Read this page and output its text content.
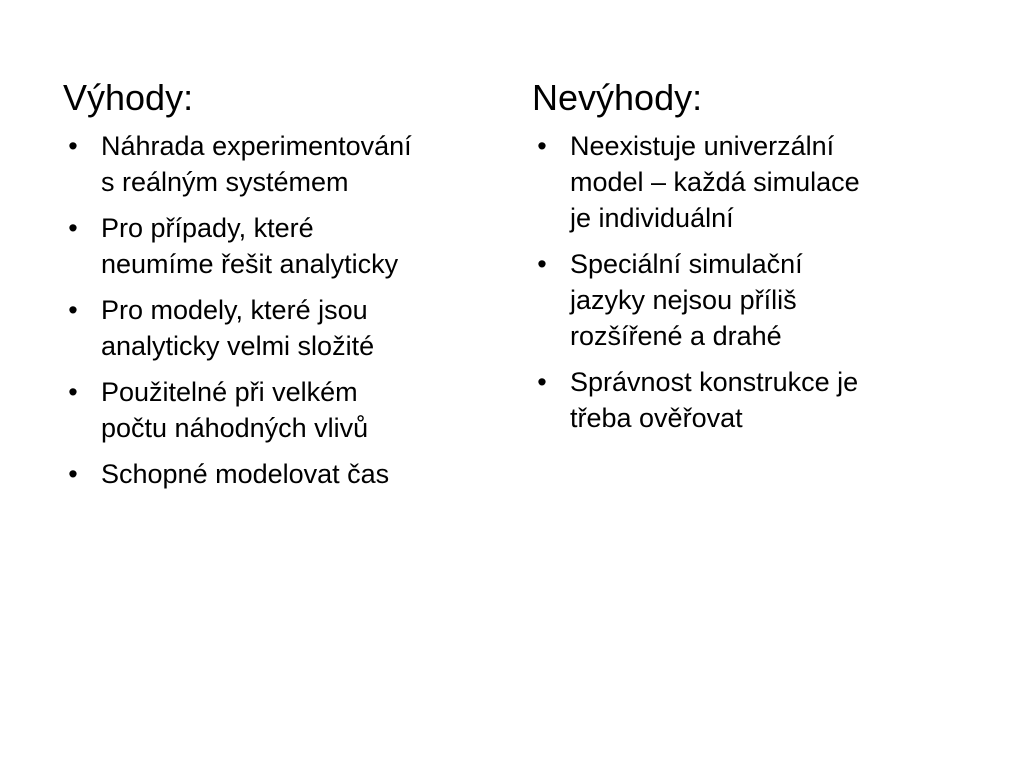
Výhody:
• Náhrada experimentování
s reálným systémem
• Pro případy, které
neumíme řešit analyticky
• Pro modely, které jsou
analyticky velmi složité
• Použitelné při velkém
počtu náhodných vlivů
• Schopné modelovat čas
Nevýhody:
• Neexistuje univerzální
model – každá simulace
je individuální
• Speciální simulační
jazyky nejsou příliš
rozšířené a drahé
• Správnost konstrukce je
třeba ověřovat
